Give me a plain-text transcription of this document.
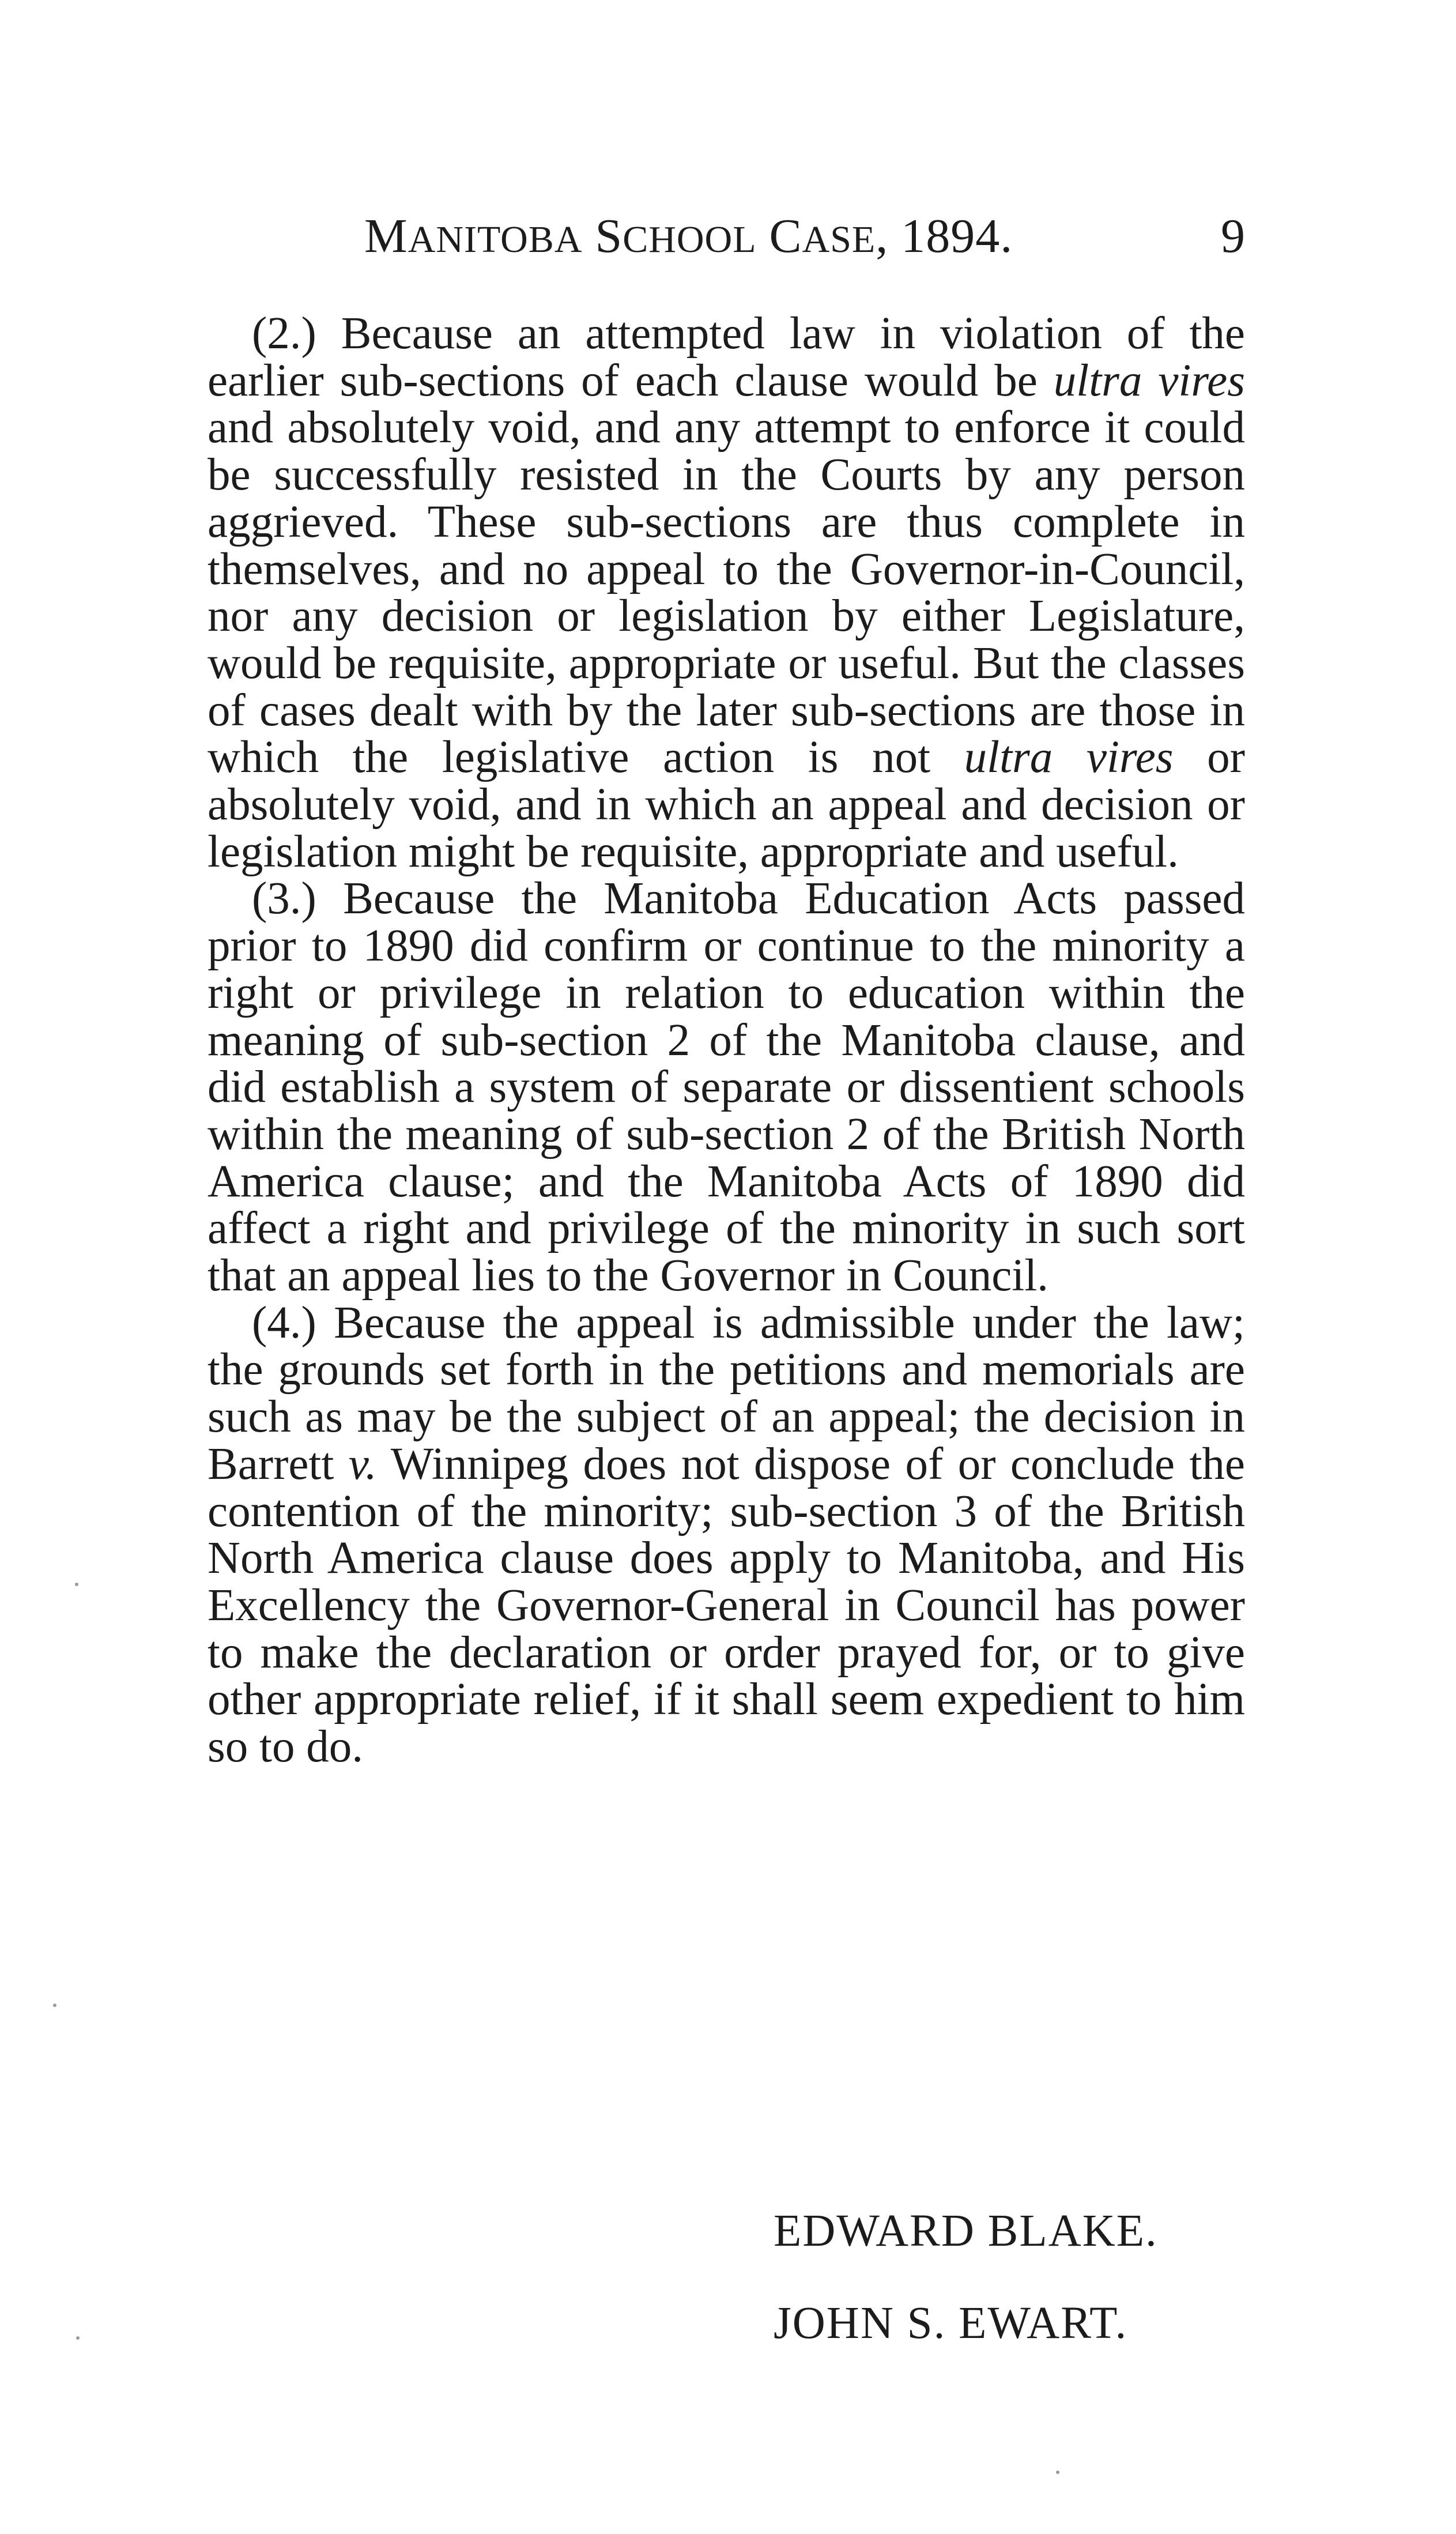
MANITOBA SCHOOL CASE, 1894.	9

(2.) Because an attempted law in violation of the earlier sub-sections of each clause would be ultra vires and absolutely void, and any attempt to enforce it could be successfully resisted in the Courts by any person aggrieved. These sub-sections are thus complete in themselves, and no appeal to the Governor-in-Council, nor any decision or legislation by either Legislature, would be requisite, appropriate or useful. But the classes of cases dealt with by the later sub-sections are those in which the legislative action is not ultra vires or absolutely void, and in which an appeal and decision or legislation might be requisite, appropriate and useful.

(3.) Because the Manitoba Education Acts passed prior to 1890 did confirm or continue to the minority a right or privilege in relation to education within the meaning of sub-section 2 of the Manitoba clause, and did establish a system of separate or dissentient schools within the meaning of sub-section 2 of the British North America clause; and the Manitoba Acts of 1890 did affect a right and privilege of the minority in such sort that an appeal lies to the Governor in Council.

(4.) Because the appeal is admissible under the law; the grounds set forth in the petitions and memorials are such as may be the subject of an appeal; the decision in Barrett v. Winnipeg does not dispose of or conclude the contention of the minority; sub-section 3 of the British North America clause does apply to Manitoba, and His Excellency the Governor-General in Council has power to make the declaration or order prayed for, or to give other appropriate relief, if it shall seem expedient to him so to do.

EDWARD BLAKE.
JOHN S. EWART.
